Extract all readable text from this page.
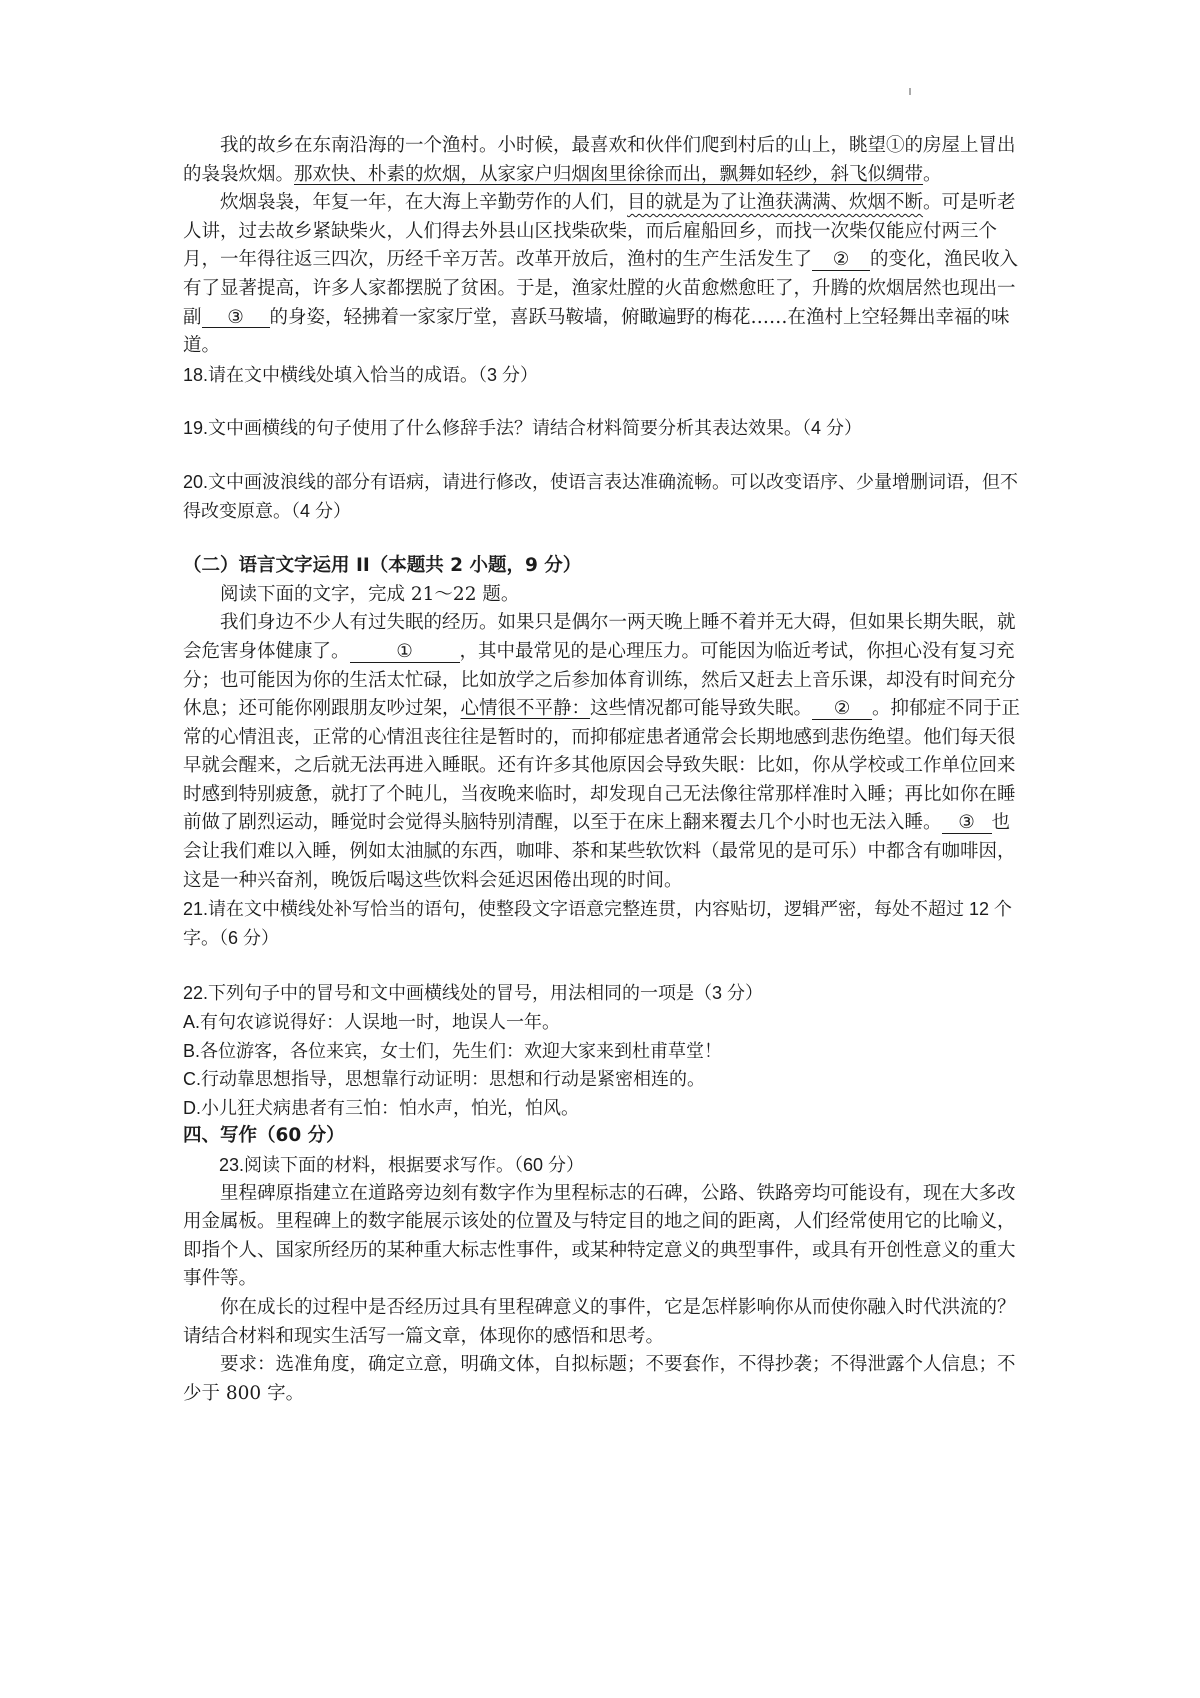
我的故乡在东南沿海的一个渔村。小时候，最喜欢和伙伴们爬到村后的山上，眺望①的房屋上冒出的袅袅炊烟。那欢快、朴素的炊烟，从家家户归烟囱里徐徐而出，飘舞如轻纱，斜飞似绸带。

炊烟袅袅，年复一年，在大海上辛勤劳作的人们，目的就是为了让渔获满满、炊烟不断。可是听老人讲，过去故乡紧缺柴火，人们得去外县山区找柴砍柴，而后雇船回乡，而找一次柴仅能应付两三个月，一年得往返三四次，历经千辛万苦。改革开放后，渔村的生产生活发生了 ② 的变化，渔民收入有了显著提高，许多人家都摆脱了贫困。于是，渔家灶膛的火苗愈燃愈旺了，升腾的炊烟居然也现出一副 ③ 的身姿，轻拂着一家家厅堂，喜跃马鞍墙，俯瞰遍野的梅花……在渔村上空轻舞出幸福的味道。

18.请在文中横线处填入恰当的成语。（3 分）

19.文中画横线的句子使用了什么修辞手法？请结合材料简要分析其表达效果。（4 分）

20.文中画波浪线的部分有语病，请进行修改，使语言表达准确流畅。可以改变语序、少量增删词语，但不得改变原意。（4 分）

（二）语言文字运用 II（本题共 2 小题，9 分）

阅读下面的文字，完成 21～22 题。

我们身边不少人有过失眠的经历。如果只是偶尔一两天晚上睡不着并无大碍，但如果长期失眠，就会危害身体健康了。	①	，其中最常见的是心理压力。可能因为临近考试，你担心没有复习充分；也可能因为你的生活太忙碌，比如放学之后参加体育训练，然后又赶去上音乐课，却没有时间充分休息；还可能你刚跟朋友吵过架，心情很不平静：这些情况都可能导致失眠。 ② 。抑郁症不同于正常的心情沮丧，正常的心情沮丧往往是暂时的，而抑郁症患者通常会长期地感到悲伤绝望。他们每天很早就会醒来，之后就无法再进入睡眠。还有许多其他原因会导致失眠：比如，你从学校或工作单位回来时感到特别疲惫，就打了个盹儿，当夜晚来临时，却发现自己无法像往常那样准时入睡；再比如你在睡前做了剧烈运动，睡觉时会觉得头脑特别清醒，以至于在床上翻来覆去几个小时也无法入睡。 ③ 也会让我们难以入睡，例如太油腻的东西，咖啡、茶和某些软饮料（最常见的是可乐）中都含有咖啡因，这是一种兴奋剂，晚饭后喝这些饮料会延迟困倦出现的时间。

21.请在文中横线处补写恰当的语句，使整段文字语意完整连贯，内容贴切，逻辑严密，每处不超过 12 个字。（6 分）

22.下列句子中的冒号和文中画横线处的冒号，用法相同的一项是（3 分）

A.有句农谚说得好：人误地一时，地误人一年。

B.各位游客，各位来宾，女士们，先生们：欢迎大家来到杜甫草堂！

C.行动靠思想指导，思想靠行动证明：思想和行动是紧密相连的。

D.小儿狂犬病患者有三怕：怕水声，怕光，怕风。

四、写作（60 分）

23.阅读下面的材料，根据要求写作。（60 分）

里程碑原指建立在道路旁边刻有数字作为里程标志的石碑，公路、铁路旁均可能设有，现在大多改用金属板。里程碑上的数字能展示该处的位置及与特定目的地之间的距离，人们经常使用它的比喻义，即指个人、国家所经历的某种重大标志性事件，或某种特定意义的典型事件，或具有开创性意义的重大事件等。

你在成长的过程中是否经历过具有里程碑意义的事件，它是怎样影响你从而使你融入时代洪流的？请结合材料和现实生活写一篇文章，体现你的感悟和思考。

要求：选准角度，确定立意，明确文体，自拟标题；不要套作，不得抄袭；不得泄露个人信息；不少于 800 字。
